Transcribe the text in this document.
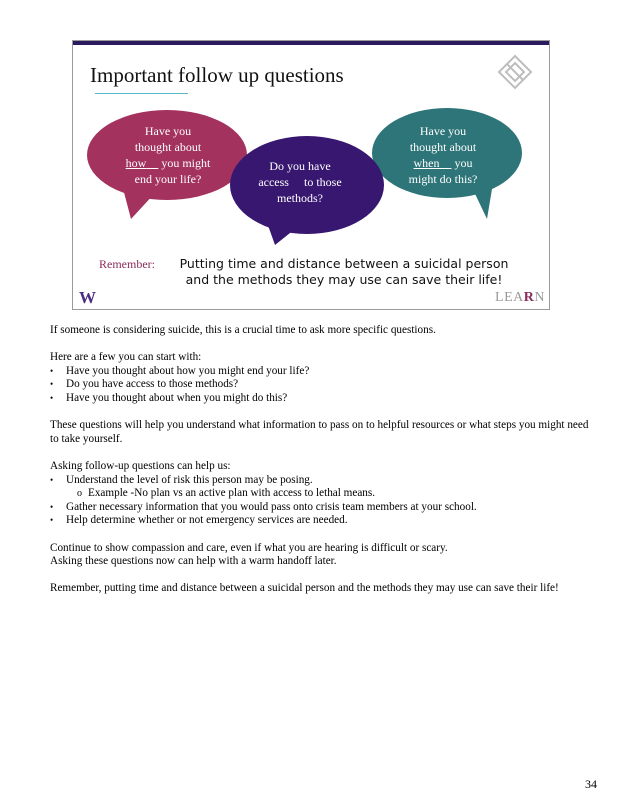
Important follow up questions
Have you
thought about
how     you might
end your life?
Do you have
access to those
methods?
Have you
thought about
when     you
might do this?
Remember:	Putting time and distance between a suicidal person
and the methods they may use can save their life!
W	LEARN

If someone is considering suicide, this is a crucial time to ask more specific questions.

Here are a few you can start with:
• Have you thought about how you might end your life?
• Do you have access to those methods?
• Have you thought about when you might do this?

These questions will help you understand what information to pass on to helpful resources or what steps you might need to take yourself.

Asking follow-up questions can help us:
• Understand the level of risk this person may be posing.
o Example -No plan vs an active plan with access to lethal means.
• Gather necessary information that you would pass onto crisis team members at your school.
• Help determine whether or not emergency services are needed.

Continue to show compassion and care, even if what you are hearing is difficult or scary.
Asking these questions now can help with a warm handoff later.

Remember, putting time and distance between a suicidal person and the methods they may use can save their life!

34
